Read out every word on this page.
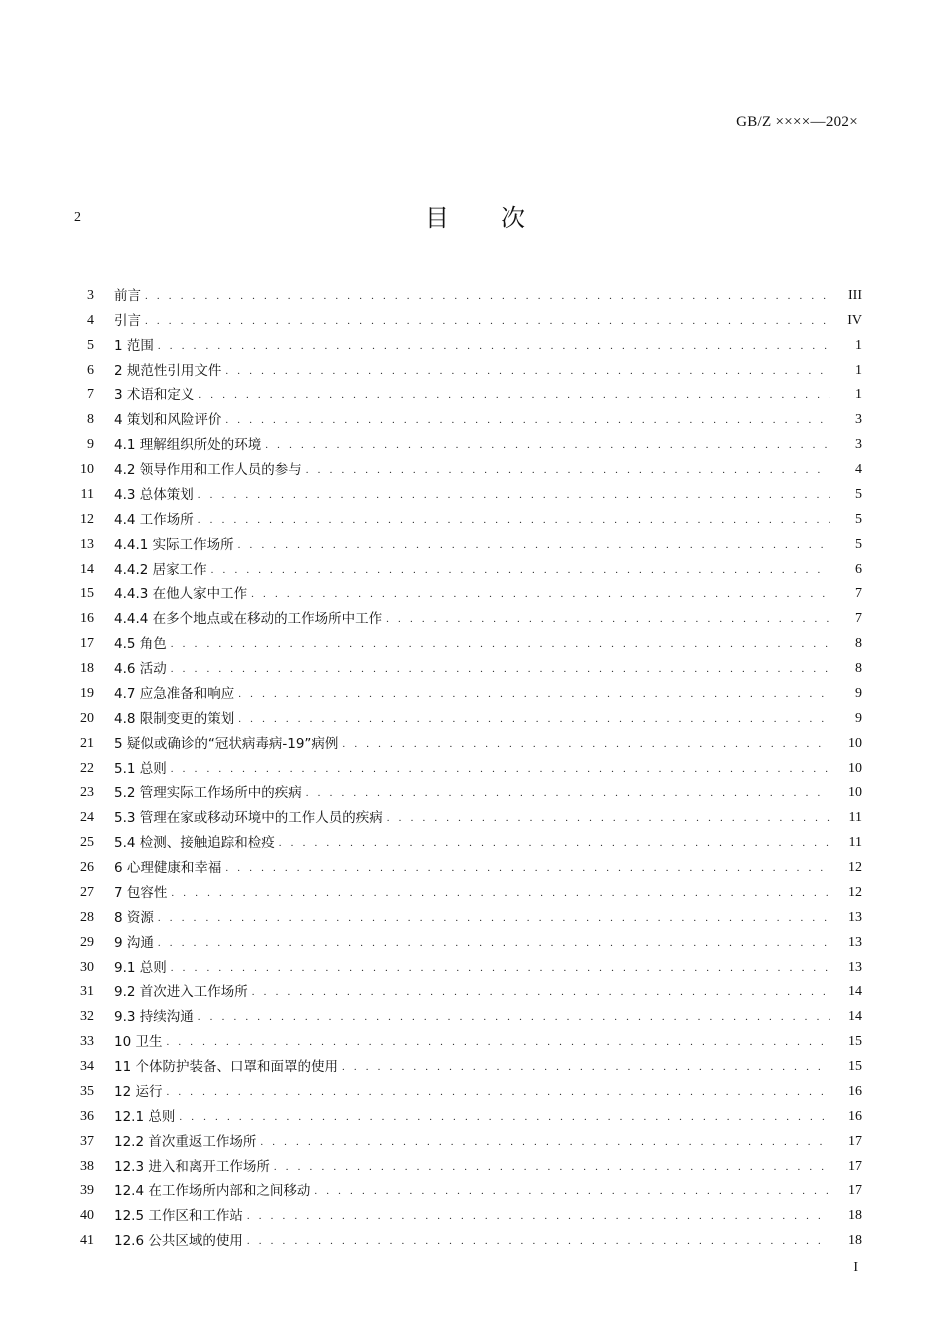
GB/Z ××××—202×
2	目次
3 前言 . . .	III
4 引言 . . .	IV
5 1 范围 . . .	1
6 2 规范性引用文件 . . .	1
7 3 术语和定义 . . .	1
8 4 策划和风险评价 . . .	3
9 4.1 理解组织所处的环境 . . .	3
10 4.2 领导作用和工作人员的参与 . . .	4
11 4.3 总体策划 . . .	5
12 4.4 工作场所 . . .	5
13 4.4.1 实际工作场所 . . .	5
14 4.4.2 居家工作 . . .	6
15 4.4.3 在他人家中工作 . . .	7
16 4.4.4 在多个地点或在移动的工作场所中工作 . . .	7
17 4.5 角色 . . .	8
18 4.6 活动 . . .	8
19 4.7 应急准备和响应 . . .	9
20 4.8 限制变更的策划 . . .	9
21 5 疑似或确诊的“冠状病毒病-19”病例 . . .	10
22 5.1 总则 . . .	10
23 5.2 管理实际工作场所中的疾病 . . .	10
24 5.3 管理在家或移动环境中的工作人员的疾病 . . .	11
25 5.4 检测、接触追踪和检疫 . . .	11
26 6 心理健康和幸福 . . .	12
27 7 包容性 . . .	12
28 8 资源 . . .	13
29 9 沟通 . . .	13
30 9.1 总则 . . .	13
31 9.2 首次进入工作场所 . . .	14
32 9.3 持续沟通 . . .	14
33 10 卫生 . . .	15
34 11 个体防护装备、口罩和面罩的使用 . . .	15
35 12 运行 . . .	16
36 12.1 总则 . . .	16
37 12.2 首次重返工作场所 . . .	17
38 12.3 进入和离开工作场所 . . .	17
39 12.4 在工作场所内部和之间移动 . . .	17
40 12.5 工作区和工作站 . . .	18
41 12.6 公共区域的使用 . . .	18
I
